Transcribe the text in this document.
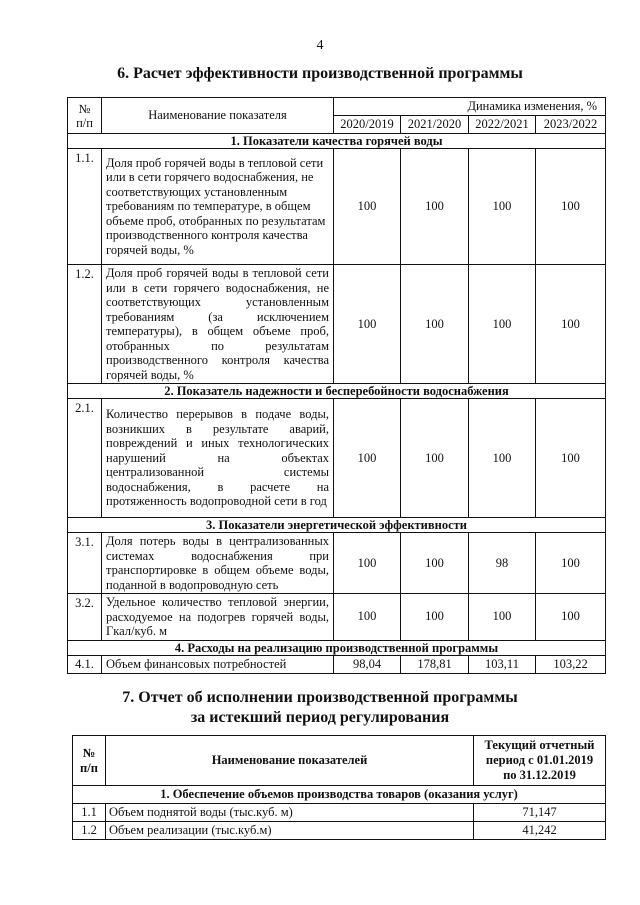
4
6. Расчет эффективности производственной программы
№
п/п	Наименование показателя	Динамика изменения, %			
		2020/2019	2021/2020	2022/2021	2023/2022
1. Показатели качества горячей воды					
1.1.	Доля проб горячей воды в тепловой сети или в сети горячего водоснабжения, не соответствующих установленным требованиям по температуре, в общем объеме проб, отобранных по результатам производственного контроля качества горячей воды, %	100	100	100	100
1.2.	Доля проб горячей воды в тепловой сети или в сети горячего водоснабжения, не соответствующих установленным требованиям (за исключением температуры), в общем объеме проб, отобранных по результатам производственного контроля качества горячей воды, %	100	100	100	100
2. Показатель надежности и бесперебойности водоснабжения					
2.1.	Количество перерывов в подаче воды, возникших в результате аварий, повреждений и иных технологических нарушений на объектах централизованной системы водоснабжения, в расчете на протяженность водопроводной сети в год	100	100	100	100
3. Показатели энергетической эффективности					
3.1.	Доля потерь воды в централизованных системах водоснабжения при транспортировке в общем объеме воды, поданной в водопроводную сеть	100	100	98	100
3.2.	Удельное количество тепловой энергии, расходуемое на подогрев горячей воды, Гкал/куб. м	100	100	100	100
4. Расходы на реализацию производственной программы					
4.1.	Объем финансовых потребностей	98,04	178,81	103,11	103,22
7. Отчет об исполнении производственной программы
за истекший период регулирования
№
п/п	Наименование показателей	Текущий отчетный период с 01.01.2019 по 31.12.2019
1. Обеспечение объемов производства товаров (оказания услуг)		
1.1	Объем поднятой воды (тыс.куб. м)	71,147
1.2	Объем реализации (тыс.куб.м)	41,242
